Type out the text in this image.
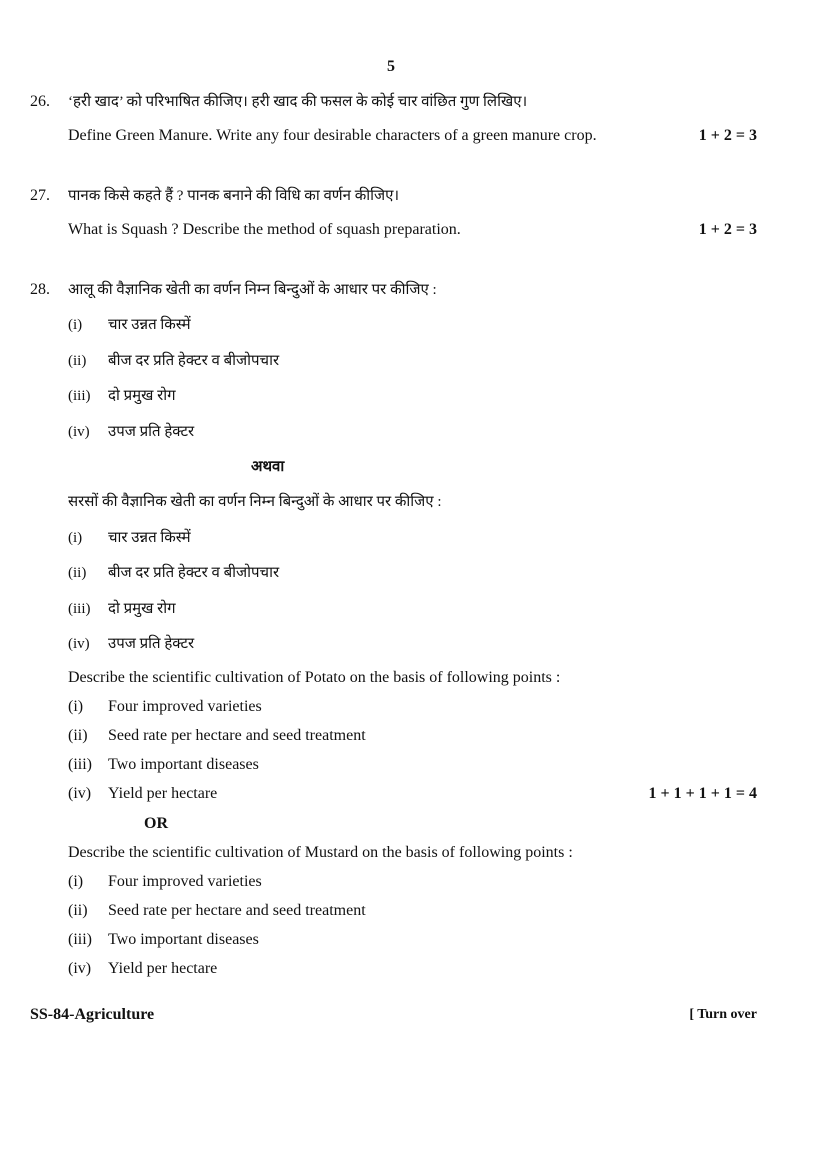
5
26. ‘हरी खाद’ को परिभाषित कीजिए। हरी खाद की फसल के कोई चार वांछित गुण लिखिए।
Define Green Manure. Write any four desirable characters of a green manure crop.	1 + 2 = 3
27. पानक किसे कहते हैं ? पानक बनाने की विधि का वर्णन कीजिए।
What is Squash ? Describe the method of squash preparation.	1 + 2 = 3
28. आलू की वैज्ञानिक खेती का वर्णन निम्न बिन्दुओं के आधार पर कीजिए :
(i)	चार उन्नत किस्में
(ii)	बीज दर प्रति हेक्टर व बीजोपचार
(iii)	दो प्रमुख रोग
(iv)	उपज प्रति हेक्टर
अथवा
सरसों की वैज्ञानिक खेती का वर्णन निम्न बिन्दुओं के आधार पर कीजिए :
(i)	चार उन्नत किस्में
(ii)	बीज दर प्रति हेक्टर व बीजोपचार
(iii)	दो प्रमुख रोग
(iv)	उपज प्रति हेक्टर
Describe the scientific cultivation of Potato on the basis of following points :
(i)	Four improved varieties
(ii)	Seed rate per hectare and seed treatment
(iii)	Two important diseases
(iv)	Yield per hectare	1 + 1 + 1 + 1 = 4
OR
Describe the scientific cultivation of Mustard on the basis of following points :
(i)	Four improved varieties
(ii)	Seed rate per hectare and seed treatment
(iii)	Two important diseases
(iv)	Yield per hectare
SS-84-Agriculture	[ Turn over
